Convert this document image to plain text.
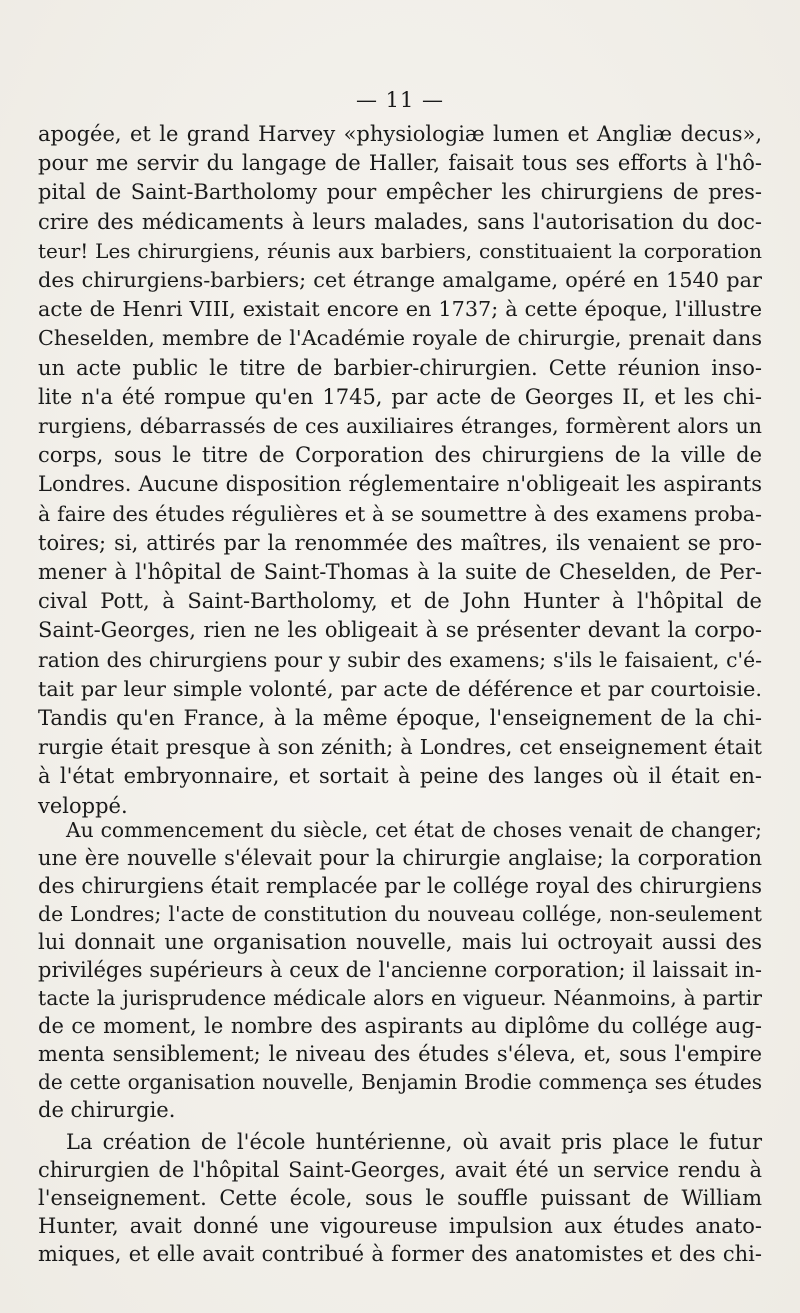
— 11 —
apogée, et le grand Harvey «physiologiæ lumen et Angliæ decus»,
pour me servir du langage de Haller, faisait tous ses efforts à l'hô-
pital de Saint-Bartholomy pour empêcher les chirurgiens de pres-
crire des médicaments à leurs malades, sans l'autorisation du doc-
teur! Les chirurgiens, réunis aux barbiers, constituaient la corporation
des chirurgiens-barbiers; cet étrange amalgame, opéré en 1540 par
acte de Henri VIII, existait encore en 1737; à cette époque, l'illustre
Cheselden, membre de l'Académie royale de chirurgie, prenait dans
un acte public le titre de barbier-chirurgien. Cette réunion inso-
lite n'a été rompue qu'en 1745, par acte de Georges II, et les chi-
rurgiens, débarrassés de ces auxiliaires étranges, formèrent alors un
corps, sous le titre de Corporation des chirurgiens de la ville de
Londres. Aucune disposition réglementaire n'obligeait les aspirants
à faire des études régulières et à se soumettre à des examens proba-
toires; si, attirés par la renommée des maîtres, ils venaient se pro-
mener à l'hôpital de Saint-Thomas à la suite de Cheselden, de Per-
cival Pott, à Saint-Bartholomy, et de John Hunter à l'hôpital de
Saint-Georges, rien ne les obligeait à se présenter devant la corpo-
ration des chirurgiens pour y subir des examens; s'ils le faisaient, c'é-
tait par leur simple volonté, par acte de déférence et par courtoisie.
Tandis qu'en France, à la même époque, l'enseignement de la chi-
rurgie était presque à son zénith; à Londres, cet enseignement était
à l'état embryonnaire, et sortait à peine des langes où il était en-
veloppé.
Au commencement du siècle, cet état de choses venait de changer;
une ère nouvelle s'élevait pour la chirurgie anglaise; la corporation
des chirurgiens était remplacée par le collége royal des chirurgiens
de Londres; l'acte de constitution du nouveau collége, non-seulement
lui donnait une organisation nouvelle, mais lui octroyait aussi des
priviléges supérieurs à ceux de l'ancienne corporation; il laissait in-
tacte la jurisprudence médicale alors en vigueur. Néanmoins, à partir
de ce moment, le nombre des aspirants au diplôme du collége aug-
menta sensiblement; le niveau des études s'éleva, et, sous l'empire
de cette organisation nouvelle, Benjamin Brodie commença ses études
de chirurgie.
La création de l'école huntérienne, où avait pris place le futur
chirurgien de l'hôpital Saint-Georges, avait été un service rendu à
l'enseignement. Cette école, sous le souffle puissant de William
Hunter, avait donné une vigoureuse impulsion aux études anato-
miques, et elle avait contribué à former des anatomistes et des chi-
